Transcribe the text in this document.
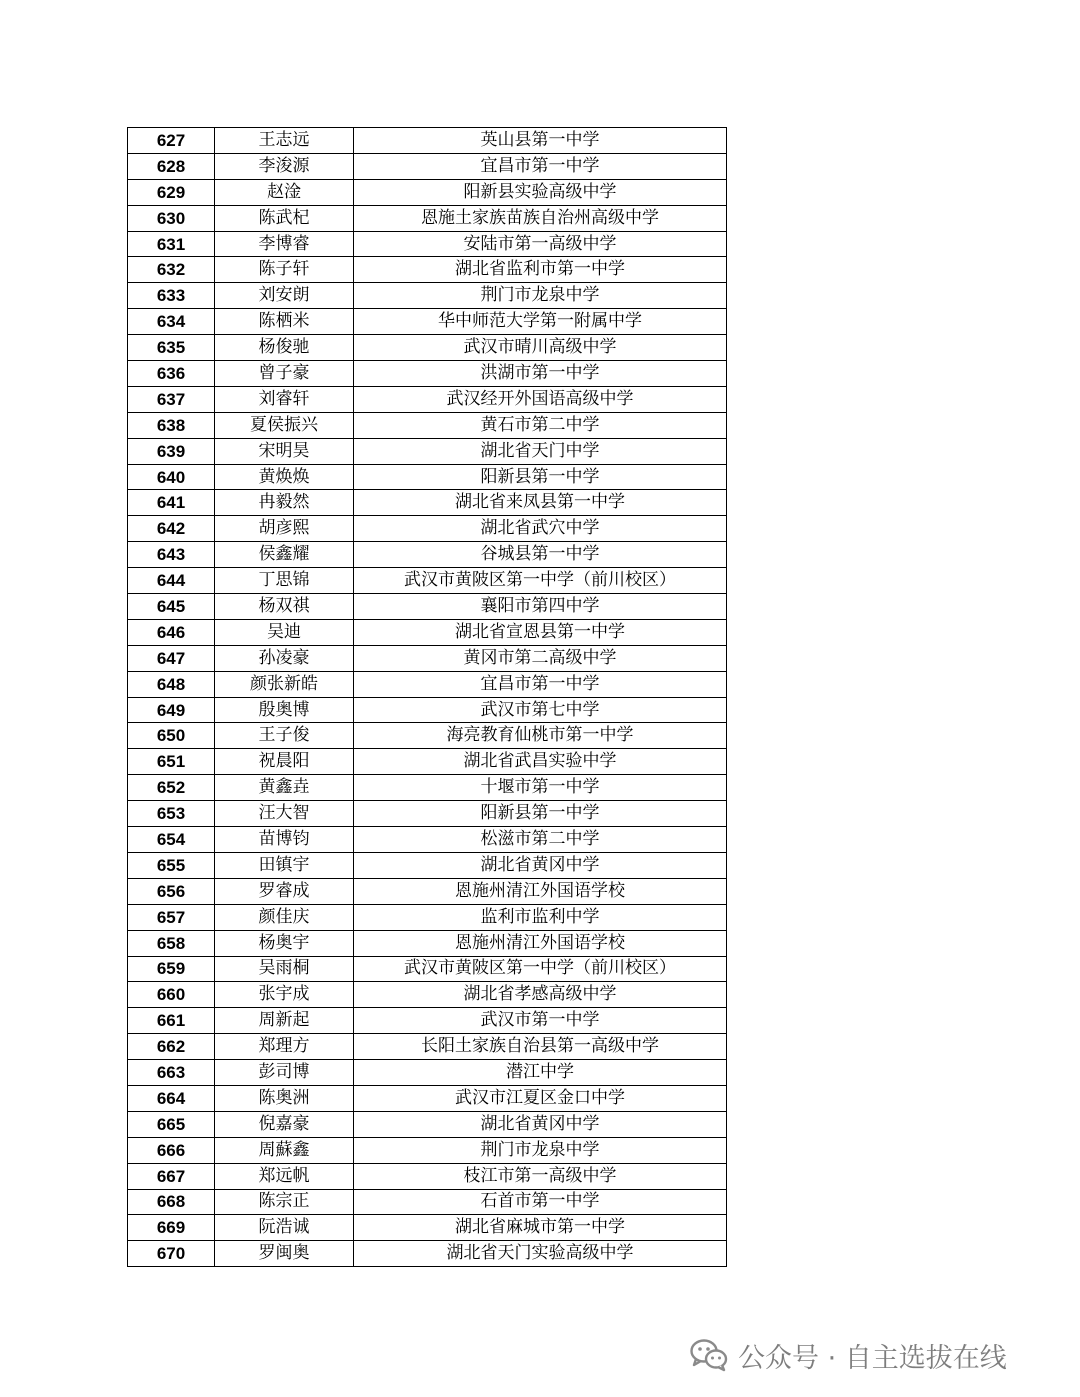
627	王志远	英山县第一中学
628	李浚源	宜昌市第一中学
629	赵淦	阳新县实验高级中学
630	陈武杞	恩施土家族苗族自治州高级中学
631	李博睿	安陆市第一高级中学
632	陈子轩	湖北省监利市第一中学
633	刘安朗	荆门市龙泉中学
634	陈栖米	华中师范大学第一附属中学
635	杨俊驰	武汉市晴川高级中学
636	曾子豪	洪湖市第一中学
637	刘睿轩	武汉经开外国语高级中学
638	夏侯振兴	黄石市第二中学
639	宋明昊	湖北省天门中学
640	黄焕焕	阳新县第一中学
641	冉毅然	湖北省来凤县第一中学
642	胡彦熙	湖北省武穴中学
643	侯鑫耀	谷城县第一中学
644	丁思锦	武汉市黄陂区第一中学（前川校区）
645	杨双祺	襄阳市第四中学
646	吴迪	湖北省宣恩县第一中学
647	孙凌豪	黄冈市第二高级中学
648	颜张新皓	宜昌市第一中学
649	殷奥博	武汉市第七中学
650	王子俊	海亮教育仙桃市第一中学
651	祝晨阳	湖北省武昌实验中学
652	黄鑫垚	十堰市第一中学
653	汪大智	阳新县第一中学
654	苗博钧	松滋市第二中学
655	田镇宇	湖北省黄冈中学
656	罗睿成	恩施州清江外国语学校
657	颜佳庆	监利市监利中学
658	杨奥宇	恩施州清江外国语学校
659	吴雨桐	武汉市黄陂区第一中学（前川校区）
660	张宇成	湖北省孝感高级中学
661	周新起	武汉市第一中学
662	郑理方	长阳土家族自治县第一高级中学
663	彭司博	潜江中学
664	陈奥洲	武汉市江夏区金口中学
665	倪嘉豪	湖北省黄冈中学
666	周蘇鑫	荆门市龙泉中学
667	郑远帆	枝江市第一高级中学
668	陈宗正	石首市第一中学
669	阮浩诚	湖北省麻城市第一中学
670	罗闽奥	湖北省天门实验高级中学
公众号 · 自主选拔在线
